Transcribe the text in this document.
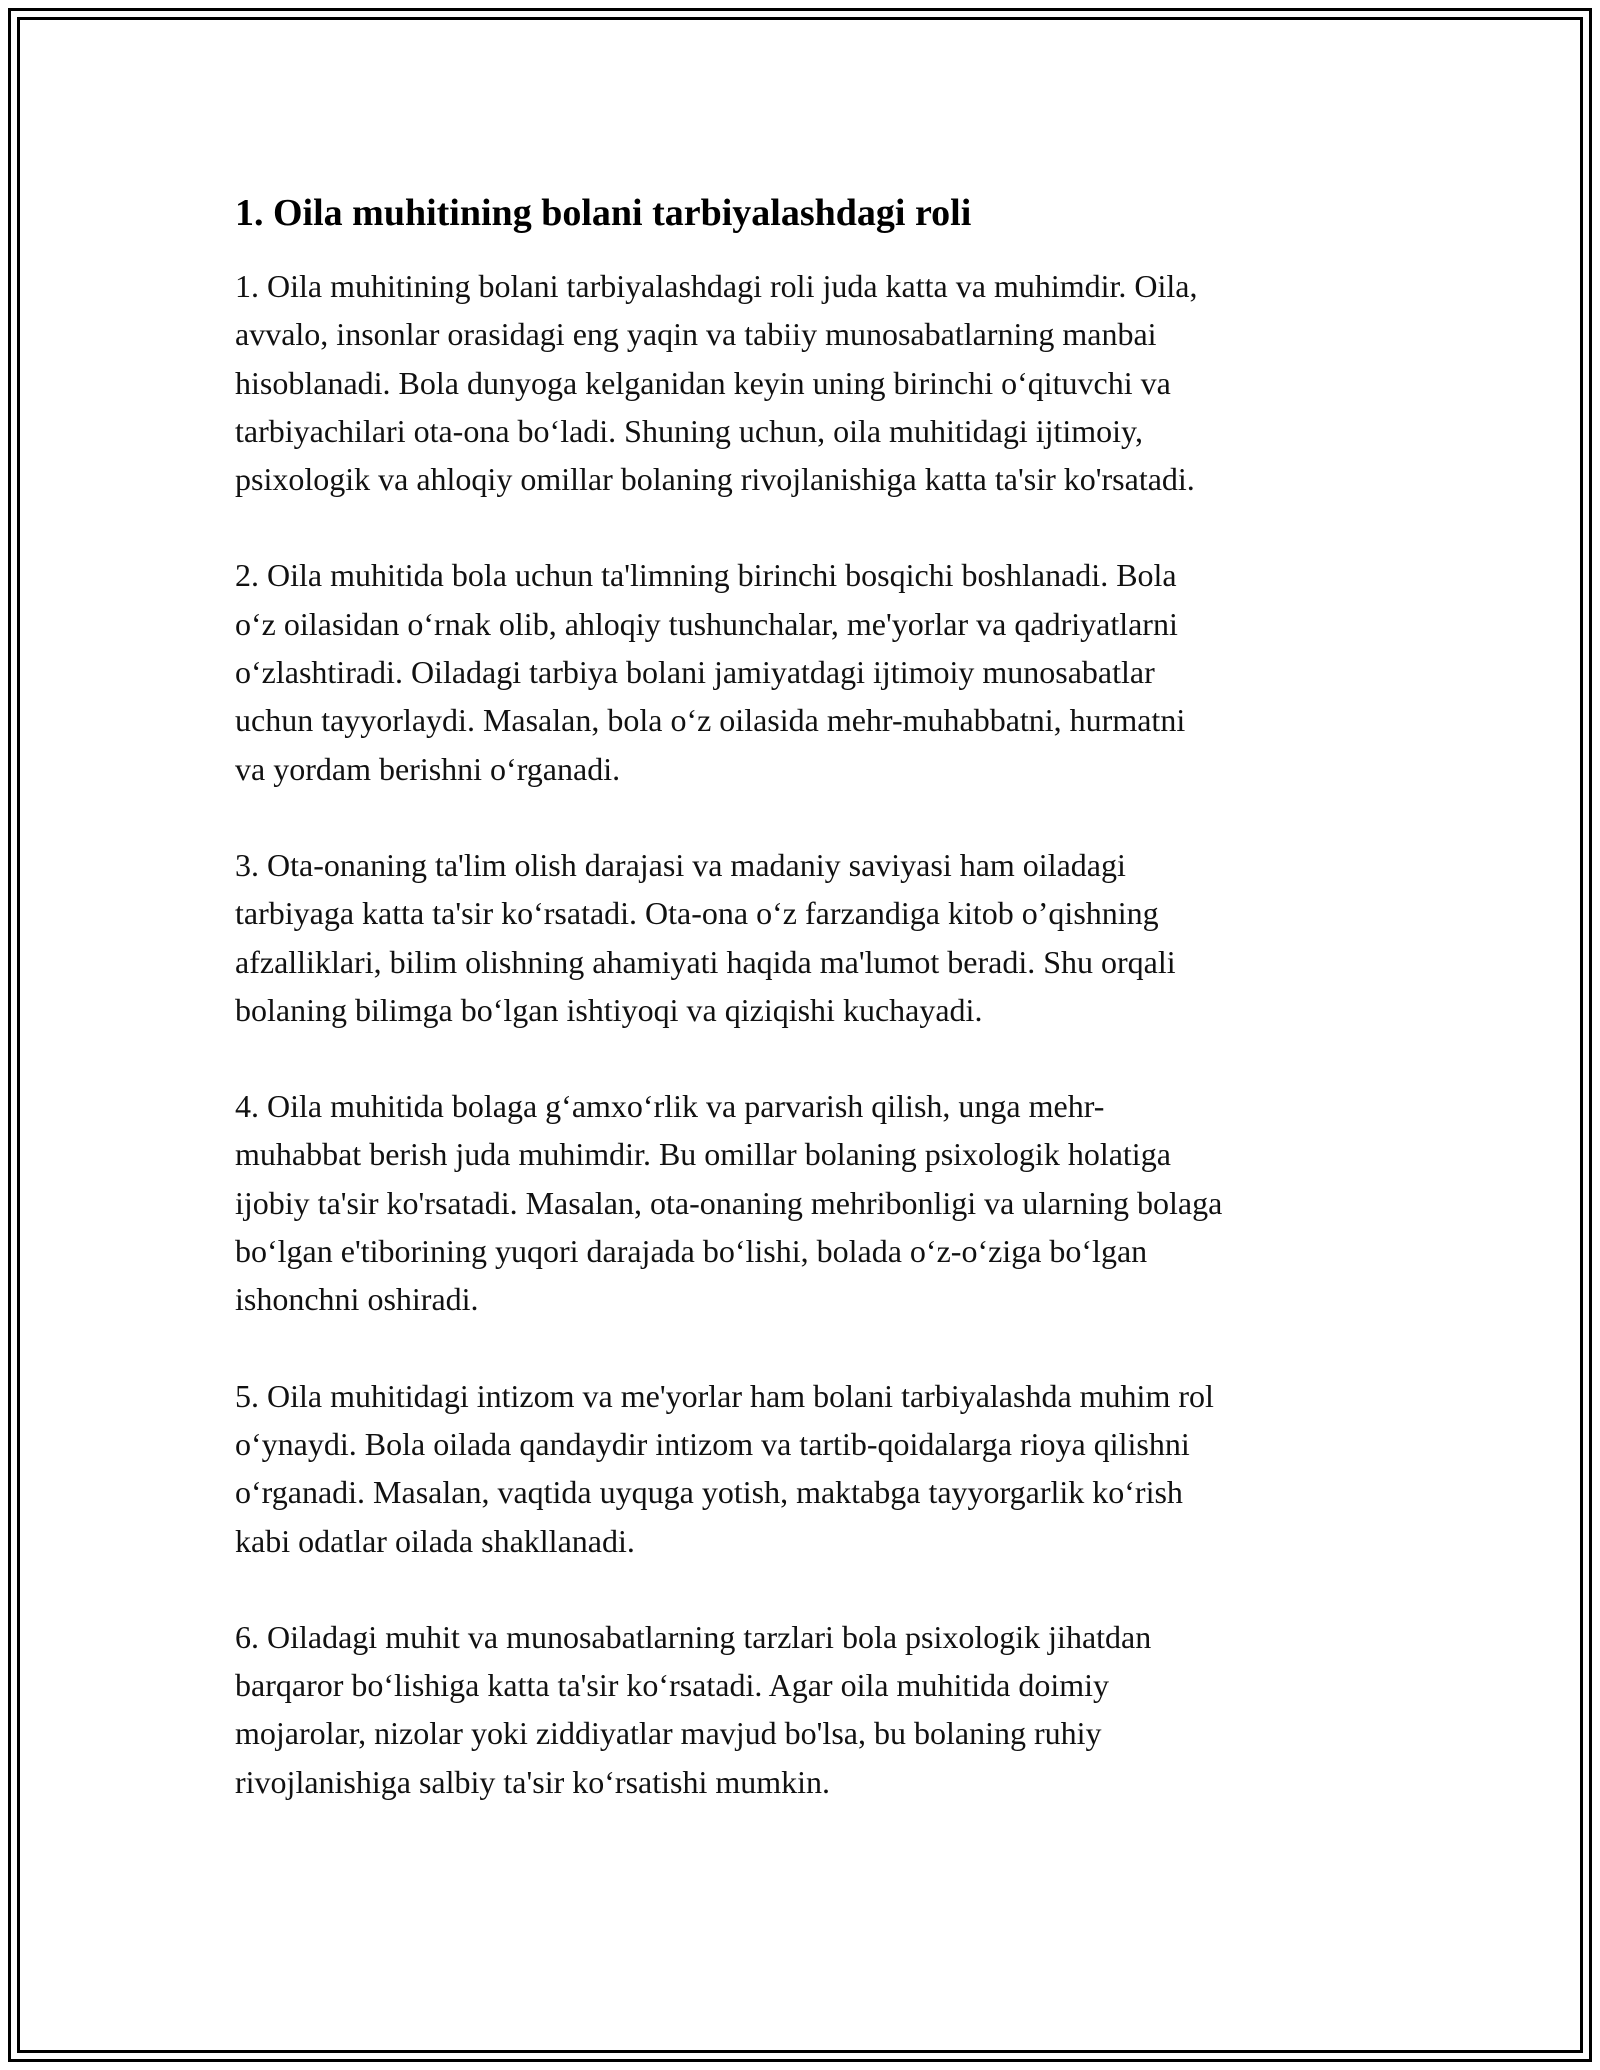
1. Oila muhitining bolani tarbiyalashdagi roli

1. Oila muhitining bolani tarbiyalashdagi roli juda katta va muhimdir. Oila,
avvalo, insonlar orasidagi eng yaqin va tabiiy munosabatlarning manbai
hisoblanadi. Bola dunyoga kelganidan keyin uning birinchi oʻqituvchi va
tarbiyachilari ota-ona boʻladi. Shuning uchun, oila muhitidagi ijtimoiy,
psixologik va ahloqiy omillar bolaning rivojlanishiga katta ta'sir ko'rsatadi.

2. Oila muhitida bola uchun ta'limning birinchi bosqichi boshlanadi. Bola
oʻz oilasidan oʻrnak olib, ahloqiy tushunchalar, me'yorlar va qadriyatlarni
oʻzlashtiradi. Oiladagi tarbiya bolani jamiyatdagi ijtimoiy munosabatlar
uchun tayyorlaydi. Masalan, bola oʻz oilasida mehr-muhabbatni, hurmatni
va yordam berishni oʻrganadi.

3. Ota-onaning ta'lim olish darajasi va madaniy saviyasi ham oiladagi
tarbiyaga katta ta'sir koʻrsatadi. Ota-ona oʻz farzandiga kitob o’qishning
afzalliklari, bilim olishning ahamiyati haqida ma'lumot beradi. Shu orqali
bolaning bilimga boʻlgan ishtiyoqi va qiziqishi kuchayadi.

4. Oila muhitida bolaga gʻamxoʻrlik va parvarish qilish, unga mehr-
muhabbat berish juda muhimdir. Bu omillar bolaning psixologik holatiga
ijobiy ta'sir ko'rsatadi. Masalan, ota-onaning mehribonligi va ularning bolaga
boʻlgan e'tiborining yuqori darajada boʻlishi, bolada oʻz-oʻziga boʻlgan
ishonchni oshiradi.

5. Oila muhitidagi intizom va me'yorlar ham bolani tarbiyalashda muhim rol
oʻynaydi. Bola oilada qandaydir intizom va tartib-qoidalarga rioya qilishni
oʻrganadi. Masalan, vaqtida uyquga yotish, maktabga tayyorgarlik koʻrish
kabi odatlar oilada shakllanadi.

6. Oiladagi muhit va munosabatlarning tarzlari bola psixologik jihatdan
barqaror boʻlishiga katta ta'sir koʻrsatadi. Agar oila muhitida doimiy
mojarolar, nizolar yoki ziddiyatlar mavjud bo'lsa, bu bolaning ruhiy
rivojlanishiga salbiy ta'sir koʻrsatishi mumkin.
